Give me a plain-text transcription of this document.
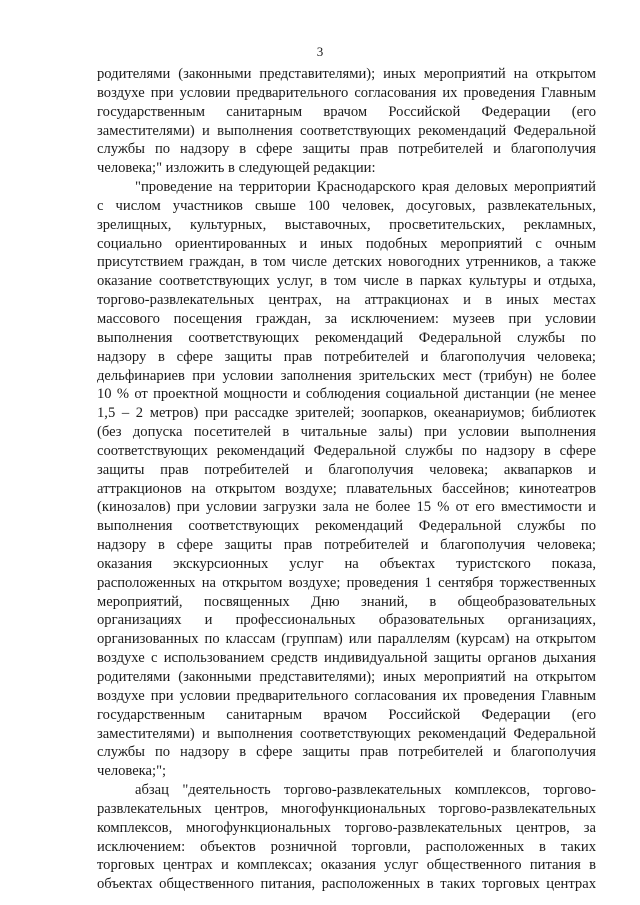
3
родителями (законными представителями); иных мероприятий на открытом
воздухе при условии предварительного согласования их проведения Главным
государственным санитарным врачом Российской Федерации (его
заместителями) и выполнения соответствующих рекомендаций Федеральной
службы по надзору в сфере защиты прав потребителей и благополучия
человека;" изложить в следующей редакции:
"проведение на территории Краснодарского края деловых мероприятий
с числом участников свыше 100 человек, досуговых, развлекательных,
зрелищных, культурных, выставочных, просветительских, рекламных,
социально ориентированных и иных подобных мероприятий с очным
присутствием граждан, в том числе детских новогодних утренников, а также
оказание соответствующих услуг, в том числе в парках культуры и отдыха,
торгово-развлекательных центрах, на аттракционах и в иных местах
массового посещения граждан, за исключением: музеев при условии
выполнения соответствующих рекомендаций Федеральной службы по
надзору в сфере защиты прав потребителей и благополучия человека;
дельфинариев при условии заполнения зрительских мест (трибун) не более
10 % от проектной мощности и соблюдения социальной дистанции (не менее
1,5 – 2 метров) при рассадке зрителей; зоопарков, океанариумов; библиотек
(без допуска посетителей в читальные залы) при условии выполнения
соответствующих рекомендаций Федеральной службы по надзору в сфере
защиты прав потребителей и благополучия человека; аквапарков и
аттракционов на открытом воздухе; плавательных бассейнов; кинотеатров
(кинозалов) при условии загрузки зала не более 15 % от его вместимости и
выполнения соответствующих рекомендаций Федеральной службы по
надзору в сфере защиты прав потребителей и благополучия человека;
оказания экскурсионных услуг на объектах туристского показа,
расположенных на открытом воздухе; проведения 1 сентября торжественных
мероприятий, посвященных Дню знаний, в общеобразовательных
организациях и профессиональных образовательных организациях,
организованных по классам (группам) или параллелям (курсам) на открытом
воздухе с использованием средств индивидуальной защиты органов дыхания
родителями (законными представителями); иных мероприятий на открытом
воздухе при условии предварительного согласования их проведения Главным
государственным санитарным врачом Российской Федерации (его
заместителями) и выполнения соответствующих рекомендаций Федеральной
службы по надзору в сфере защиты прав потребителей и благополучия
человека;";
абзац "деятельность торгово-развлекательных комплексов, торгово-
развлекательных центров, многофункциональных торгово-развлекательных
комплексов, многофункциональных торгово-развлекательных центров, за
исключением: объектов розничной торговли, расположенных в таких
торговых центрах и комплексах; оказания услуг общественного питания в
объектах общественного питания, расположенных в таких торговых центрах
